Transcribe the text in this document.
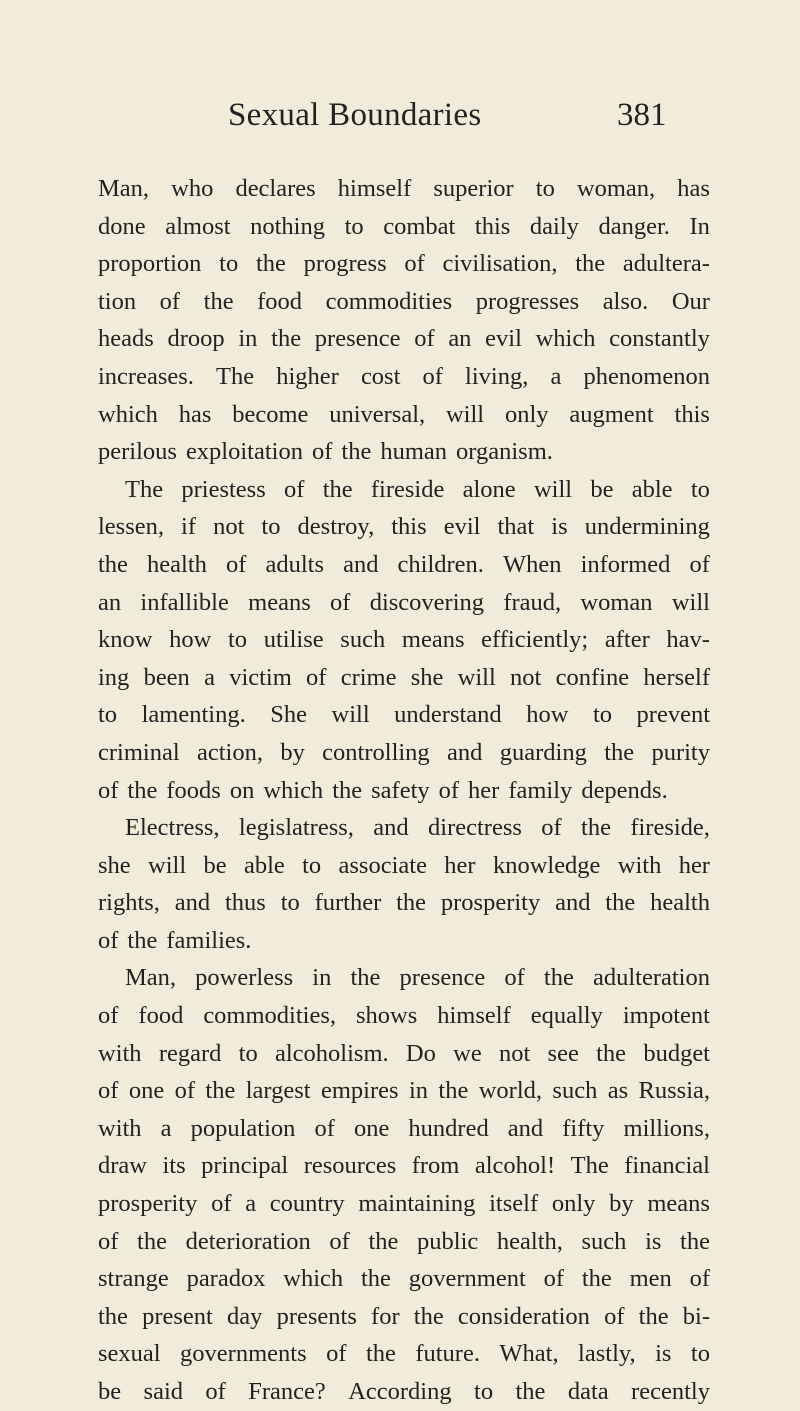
Sexual Boundaries	381
Man, who declares himself superior to woman, has
done almost nothing to combat this daily danger. In
proportion to the progress of civilisation, the adultera-
tion of the food commodities progresses also. Our
heads droop in the presence of an evil which constantly
increases. The higher cost of living, a phenomenon
which has become universal, will only augment this
perilous exploitation of the human organism.
The priestess of the fireside alone will be able to
lessen, if not to destroy, this evil that is undermining
the health of adults and children. When informed of
an infallible means of discovering fraud, woman will
know how to utilise such means efficiently; after hav-
ing been a victim of crime she will not confine herself
to lamenting. She will understand how to prevent
criminal action, by controlling and guarding the purity
of the foods on which the safety of her family depends.
Electress, legislatress, and directress of the fireside,
she will be able to associate her knowledge with her
rights, and thus to further the prosperity and the health
of the families.
Man, powerless in the presence of the adulteration
of food commodities, shows himself equally impotent
with regard to alcoholism. Do we not see the budget
of one of the largest empires in the world, such as Russia,
with a population of one hundred and fifty millions,
draw its principal resources from alcohol! The financial
prosperity of a country maintaining itself only by means
of the deterioration of the public health, such is the
strange paradox which the government of the men of
the present day presents for the consideration of the bi-
sexual governments of the future. What, lastly, is to
be said of France? According to the data recently
